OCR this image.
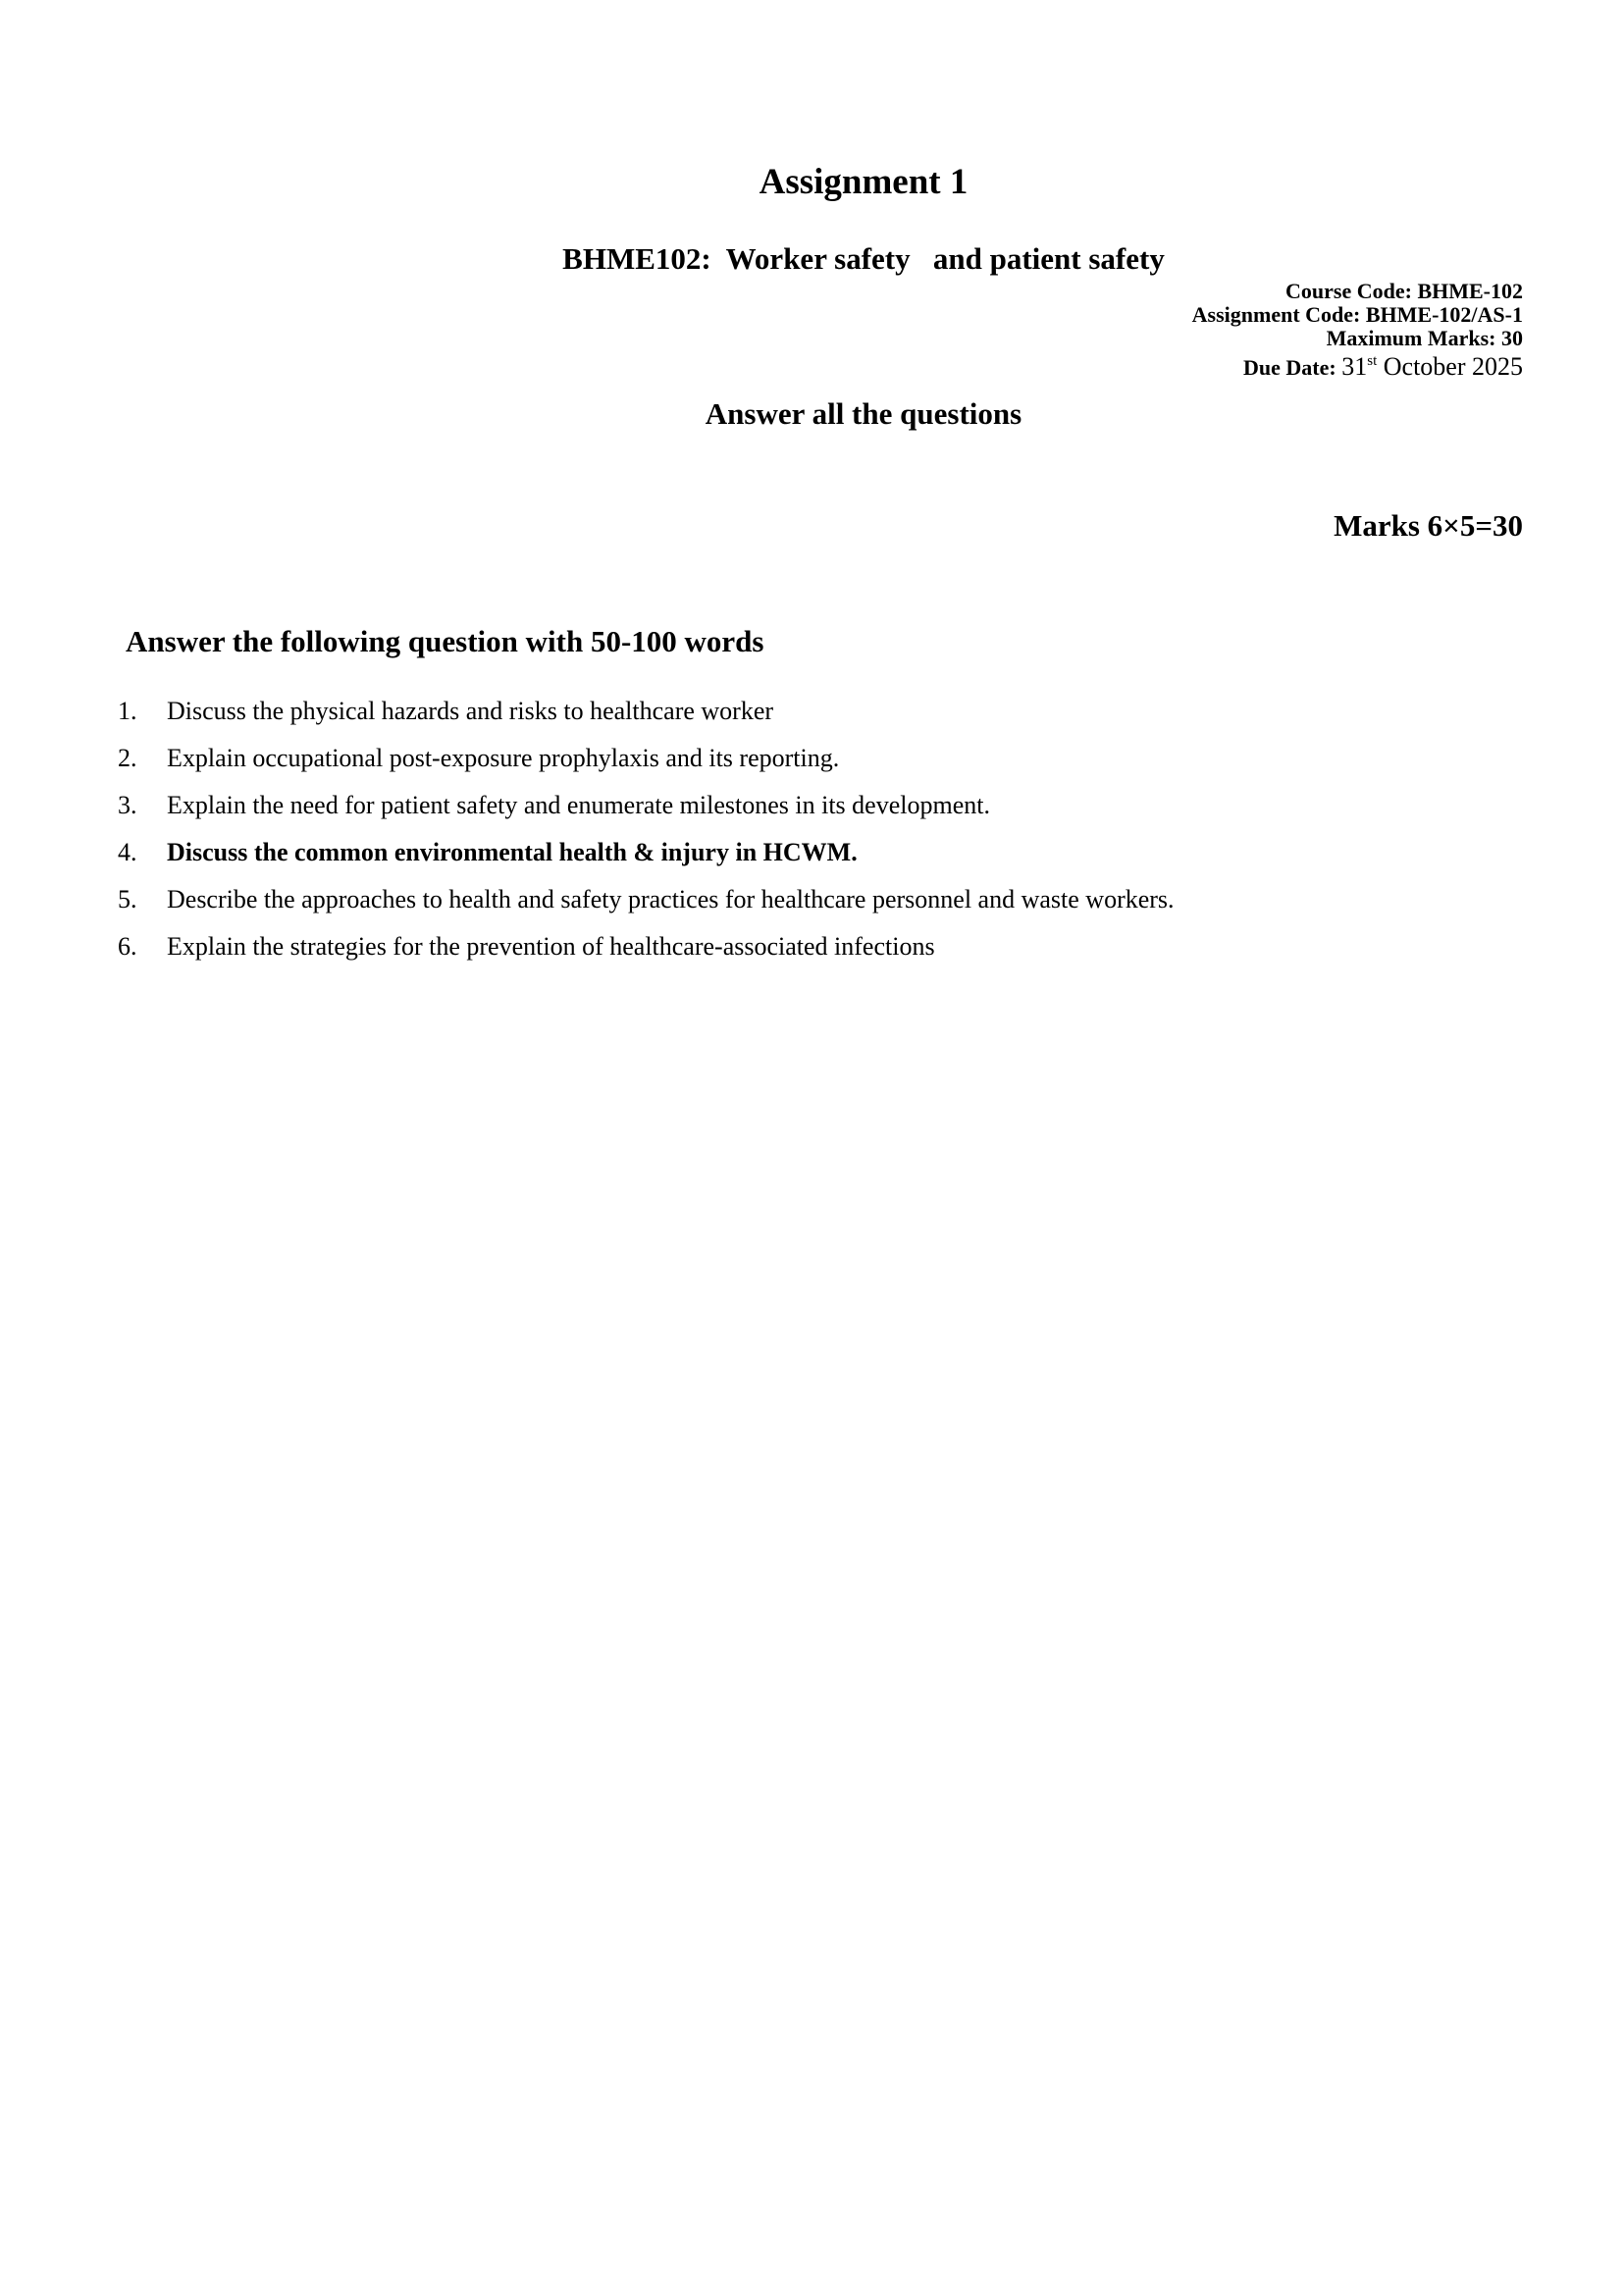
Assignment 1
BHME102:  Worker safety   and patient safety
Course Code: BHME-102
Assignment Code: BHME-102/AS-1
Maximum Marks: 30
Due Date: 31st October 2025
Answer all the questions
Marks 6×5=30
Answer the following question with 50-100 words
1.	Discuss the physical hazards and risks to healthcare worker
2.	Explain occupational post-exposure prophylaxis and its reporting.
3.	Explain the need for patient safety and enumerate milestones in its development.
4.	Discuss the common environmental health & injury in HCWM.
5.	Describe the approaches to health and safety practices for healthcare personnel and waste workers.
6.	Explain the strategies for the prevention of healthcare-associated infections
